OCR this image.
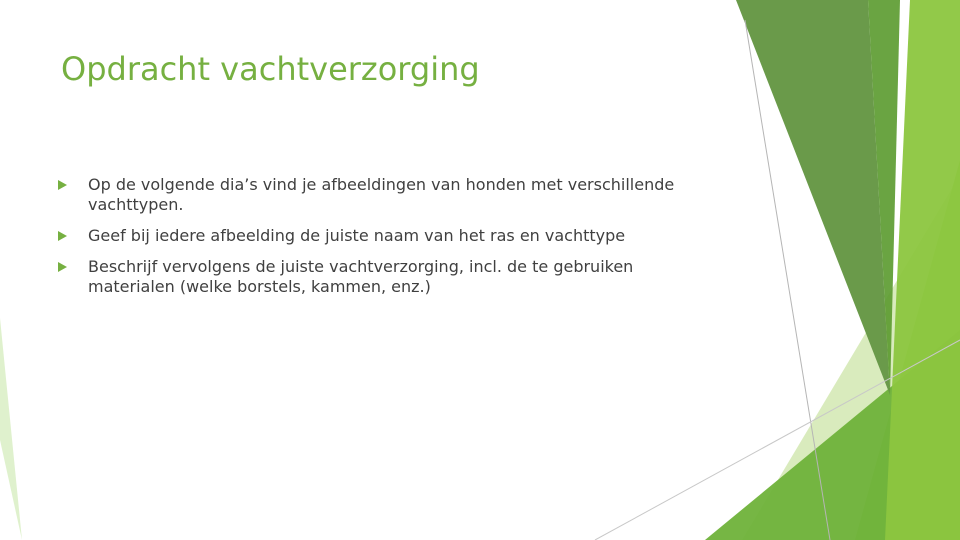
Opdracht vachtverzorging
Op de volgende dia’s vind je afbeeldingen van honden met verschillende vachttypen.
Geef bij iedere afbeelding de juiste naam van het ras en vachttype
Beschrijf vervolgens de juiste vachtverzorging, incl. de te gebruiken materialen (welke borstels, kammen, enz.)
